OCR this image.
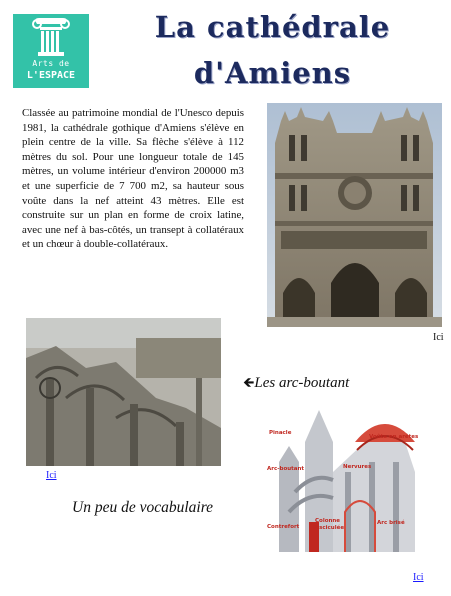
Arts de
L'ESPACE
La cathédrale
d'Amiens

Classée au patrimoine mondial de l'Unesco depuis 1981, la cathédrale gothique d'Amiens s'élève en plein centre de la ville. Sa flèche s'élève à 112 mètres du sol. Pour une longueur totale de 145 mètres, un volume intérieur d'environ 200000 m3 et une superficie de 7 700 m2, sa hauteur sous voûte dans la nef atteint 43 mètres. Elle est construite sur un plan en forme de croix latine, avec une nef à bas-côtés, un transept à collatéraux et un chœur à double-collatéraux.

Ici
Ici
🡸Les arc-boutant
Un peu de vocabulaire
Pinacle
Voûte en arêtes
Arc-boutant	Nervures
Contrefort
Colonne
fasciculée
Arc brisé
Ici
